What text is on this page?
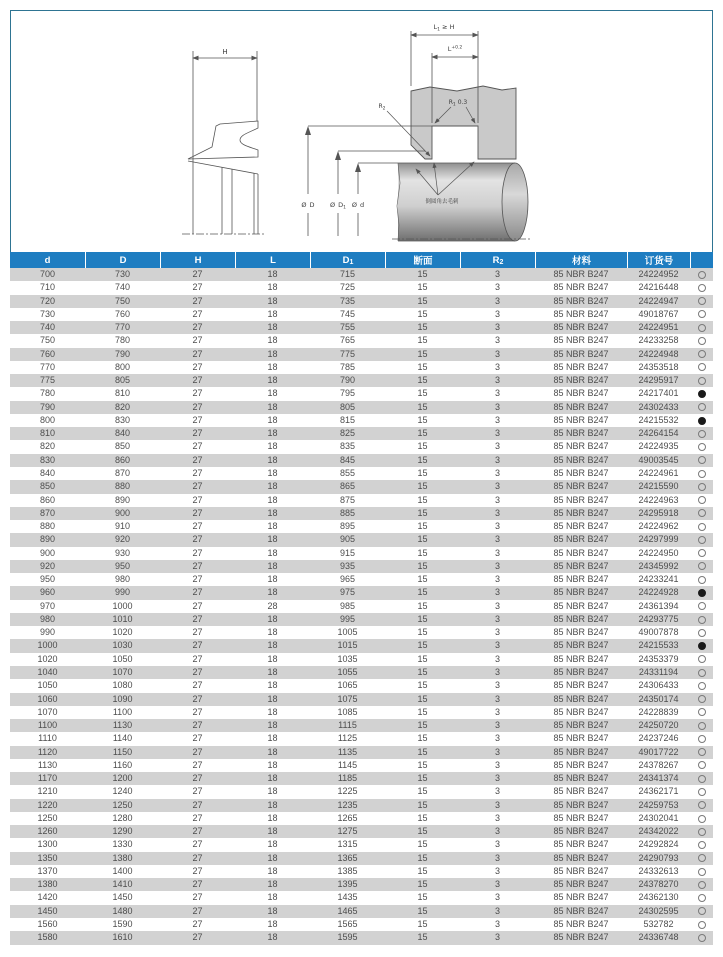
H
$L_1 \ge H$
$L^{+0.2}$
$R_1$ 0.3
$R_2$
Ø D Ø $D_1$ Ø d	倒圆角去毛刺
d	D	H	L	$D_1$	断面	$R_2$	材料	订货号
700	730	27	18	715	15	3	85 NBR B247	24224952
710	740	27	18	725	15	3	85 NBR B247	24216448
720	750	27	18	735	15	3	85 NBR B247	24224947
730	760	27	18	745	15	3	85 NBR B247	49018767
740	770	27	18	755	15	3	85 NBR B247	24224951
750	780	27	18	765	15	3	85 NBR B247	24233258
760	790	27	18	775	15	3	85 NBR B247	24224948
770	800	27	18	785	15	3	85 NBR B247	24353518
775	805	27	18	790	15	3	85 NBR B247	24295917
780	810	27	18	795	15	3	85 NBR B247	24217401
790	820	27	18	805	15	3	85 NBR B247	24302433
800	830	27	18	815	15	3	85 NBR B247	24215532
810	840	27	18	825	15	3	85 NBR B247	24264154
820	850	27	18	835	15	3	85 NBR B247	24224935
830	860	27	18	845	15	3	85 NBR B247	49003545
840	870	27	18	855	15	3	85 NBR B247	24224961
850	880	27	18	865	15	3	85 NBR B247	24215590
860	890	27	18	875	15	3	85 NBR B247	24224963
870	900	27	18	885	15	3	85 NBR B247	24295918
880	910	27	18	895	15	3	85 NBR B247	24224962
890	920	27	18	905	15	3	85 NBR B247	24297999
900	930	27	18	915	15	3	85 NBR B247	24224950
920	950	27	18	935	15	3	85 NBR B247	24345992
950	980	27	18	965	15	3	85 NBR B247	24233241
960	990	27	18	975	15	3	85 NBR B247	24224928
970	1000	27	28	985	15	3	85 NBR B247	24361394
980	1010	27	18	995	15	3	85 NBR B247	24293775
990	1020	27	18	1005	15	3	85 NBR B247	49007878
1000	1030	27	18	1015	15	3	85 NBR B247	24215533
1020	1050	27	18	1035	15	3	85 NBR B247	24353379
1040	1070	27	18	1055	15	3	85 NBR B247	24331194
1050	1080	27	18	1065	15	3	85 NBR B247	24306433
1060	1090	27	18	1075	15	3	85 NBR B247	24350174
1070	1100	27	18	1085	15	3	85 NBR B247	24228839
1100	1130	27	18	1115	15	3	85 NBR B247	24250720
1110	1140	27	18	1125	15	3	85 NBR B247	24237246
1120	1150	27	18	1135	15	3	85 NBR B247	49017722
1130	1160	27	18	1145	15	3	85 NBR B247	24378267
1170	1200	27	18	1185	15	3	85 NBR B247	24341374
1210	1240	27	18	1225	15	3	85 NBR B247	24362171
1220	1250	27	18	1235	15	3	85 NBR B247	24259753
1250	1280	27	18	1265	15	3	85 NBR B247	24302041
1260	1290	27	18	1275	15	3	85 NBR B247	24342022
1300	1330	27	18	1315	15	3	85 NBR B247	24292824
1350	1380	27	18	1365	15	3	85 NBR B247	24290793
1370	1400	27	18	1385	15	3	85 NBR B247	24332613
1380	1410	27	18	1395	15	3	85 NBR B247	24378270
1420	1450	27	18	1435	15	3	85 NBR B247	24362130
1450	1480	27	18	1465	15	3	85 NBR B247	24302595
1560	1590	27	18	1565	15	3	85 NBR B247	532782
1580	1610	27	18	1595	15	3	85 NBR B247	24336748
